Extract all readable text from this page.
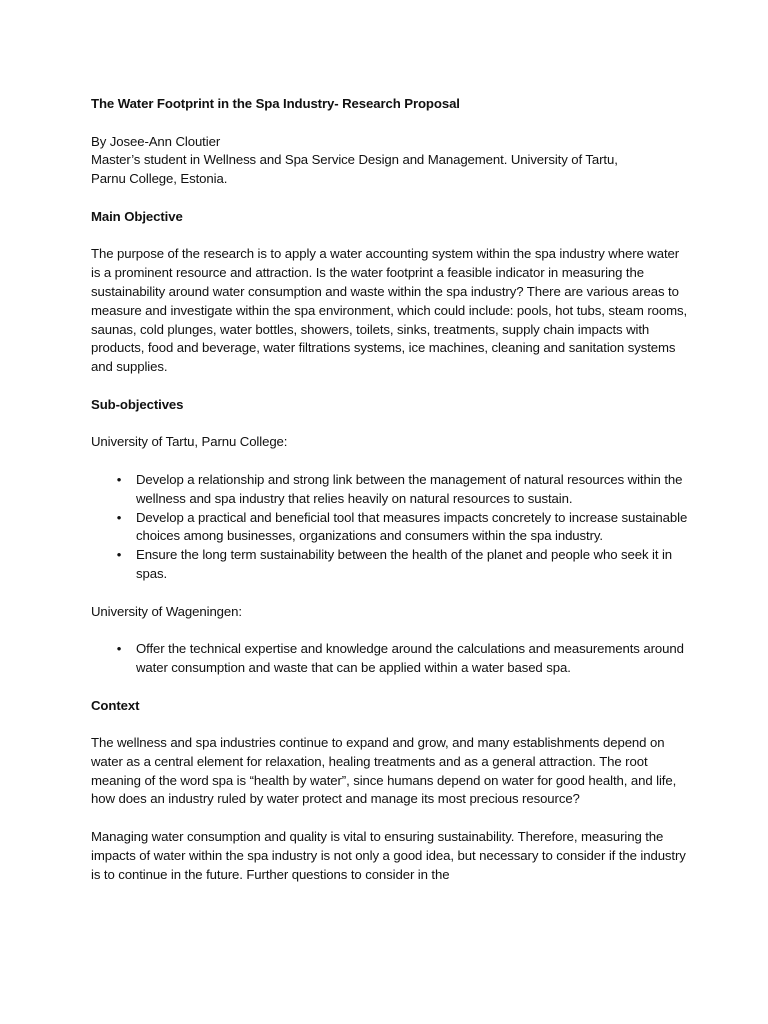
The Water Footprint in the Spa Industry- Research Proposal

By Josee-Ann Cloutier

Master’s student in Wellness and Spa Service Design and Management. University of Tartu,

Parnu College, Estonia.

Main Objective

The purpose of the research is to apply a water accounting system within the spa industry where water is a prominent resource and attraction. Is the water footprint a feasible indicator in measuring the sustainability around water consumption and waste within the spa industry? There are various areas to measure and investigate within the spa environment, which could include: pools, hot tubs, steam rooms, saunas, cold plunges, water bottles, showers, toilets, sinks, treatments, supply chain impacts with products, food and beverage, water filtrations systems, ice machines, cleaning and sanitation systems and supplies.

Sub-objectives

University of Tartu, Parnu College:

• Develop a relationship and strong link between the management of natural resources within the wellness and spa industry that relies heavily on natural resources to sustain.
• Develop a practical and beneficial tool that measures impacts concretely to increase sustainable choices among businesses, organizations and consumers within the spa industry.
• Ensure the long term sustainability between the health of the planet and people who seek it in spas.

University of Wageningen:

• Offer the technical expertise and knowledge around the calculations and measurements around water consumption and waste that can be applied within a water based spa.

Context

The wellness and spa industries continue to expand and grow, and many establishments depend on water as a central element for relaxation, healing treatments and as a general attraction. The root meaning of the word spa is “health by water”, since humans depend on water for good health, and life, how does an industry ruled by water protect and manage its most precious resource?

Managing water consumption and quality is vital to ensuring sustainability. Therefore, measuring the impacts of water within the spa industry is not only a good idea, but necessary to consider if the industry is to continue in the future. Further questions to consider in the
